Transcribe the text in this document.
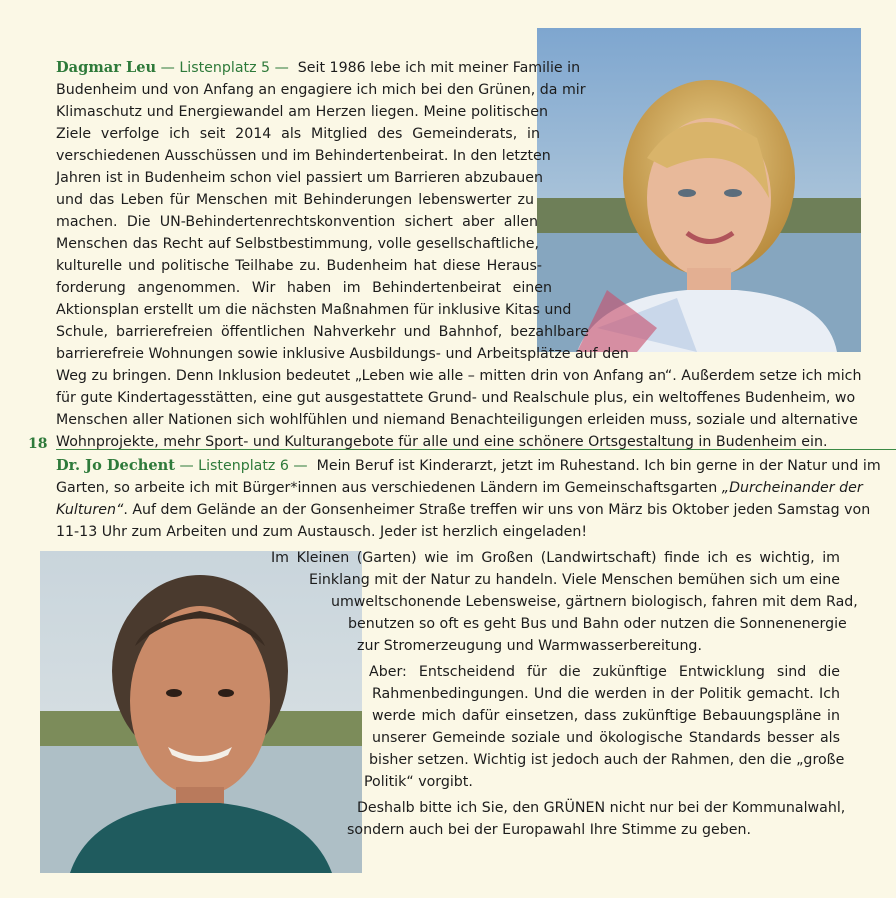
Dagmar Leu — Listenplatz 5 — Seit 1986 lebe ich mit meiner Familie in
Budenheim und von Anfang an engagiere ich mich bei den Grünen, da mir
Klimaschutz und Energiewandel am Herzen liegen. Meine politischen
Ziele verfolge ich seit 2014 als Mitglied des Gemeinderats, in
verschiedenen Ausschüssen und im Behindertenbeirat. In den letzten
Jahren ist in Budenheim schon viel passiert um Barrieren abzubauen
und das Leben für Menschen mit Behinderungen lebenswerter zu
machen. Die UN-Behindertenrechtskonvention sichert aber allen
Menschen das Recht auf Selbstbestimmung, volle gesellschaftliche,
kulturelle und politische Teilhabe zu. Budenheim hat diese Heraus-
forderung angenommen. Wir haben im Behindertenbeirat einen
Aktionsplan erstellt um die nächsten Maßnahmen für inklusive Kitas und
Schule, barrierefreien öffentlichen Nahverkehr und Bahnhof, bezahlbare
barrierefreie Wohnungen sowie inklusive Ausbildungs- und Arbeitsplätze auf den
Weg zu bringen. Denn Inklusion bedeutet „Leben wie alle – mitten drin von Anfang an“. Außerdem setze ich mich
für gute Kindertagesstätten, eine gut ausgestattete Grund- und Realschule plus, ein weltoffenes Budenheim, wo
Menschen aller Nationen sich wohlfühlen und niemand Benachteiligungen erleiden muss, soziale und alternative
Wohnprojekte, mehr Sport- und Kulturangebote für alle und eine schönere Ortsgestaltung in Budenheim ein.
18
Dr. Jo Dechent — Listenplatz 6 — Mein Beruf ist Kinderarzt, jetzt im Ruhestand. Ich bin gerne in der Natur und im
Garten, so arbeite ich mit Bürger*innen aus verschiedenen Ländern im Gemeinschaftsgarten „Durcheinander der
Kulturen“. Auf dem Gelände an der Gonsenheimer Straße treffen wir uns von März bis Oktober jeden Samstag von
11-13 Uhr zum Arbeiten und zum Austausch. Jeder ist herzlich eingeladen!
Im Kleinen (Garten) wie im Großen (Landwirtschaft) finde ich es wichtig, im
Einklang mit der Natur zu handeln. Viele Menschen bemühen sich um eine
umweltschonende Lebensweise, gärtnern biologisch, fahren mit dem Rad,
benutzen so oft es geht Bus und Bahn oder nutzen die Sonnenenergie
zur Stromerzeugung und Warmwasserbereitung.
Aber: Entscheidend für die zukünftige Entwicklung sind die
Rahmenbedingungen. Und die werden in der Politik gemacht. Ich
werde mich dafür einsetzen, dass zukünftige Bebauungspläne in
unserer Gemeinde soziale und ökologische Standards besser als
bisher setzen. Wichtig ist jedoch auch der Rahmen, den die „große
Politik“ vorgibt.
Deshalb bitte ich Sie, den GRÜNEN nicht nur bei der Kommunalwahl,
sondern auch bei der Europawahl Ihre Stimme zu geben.
